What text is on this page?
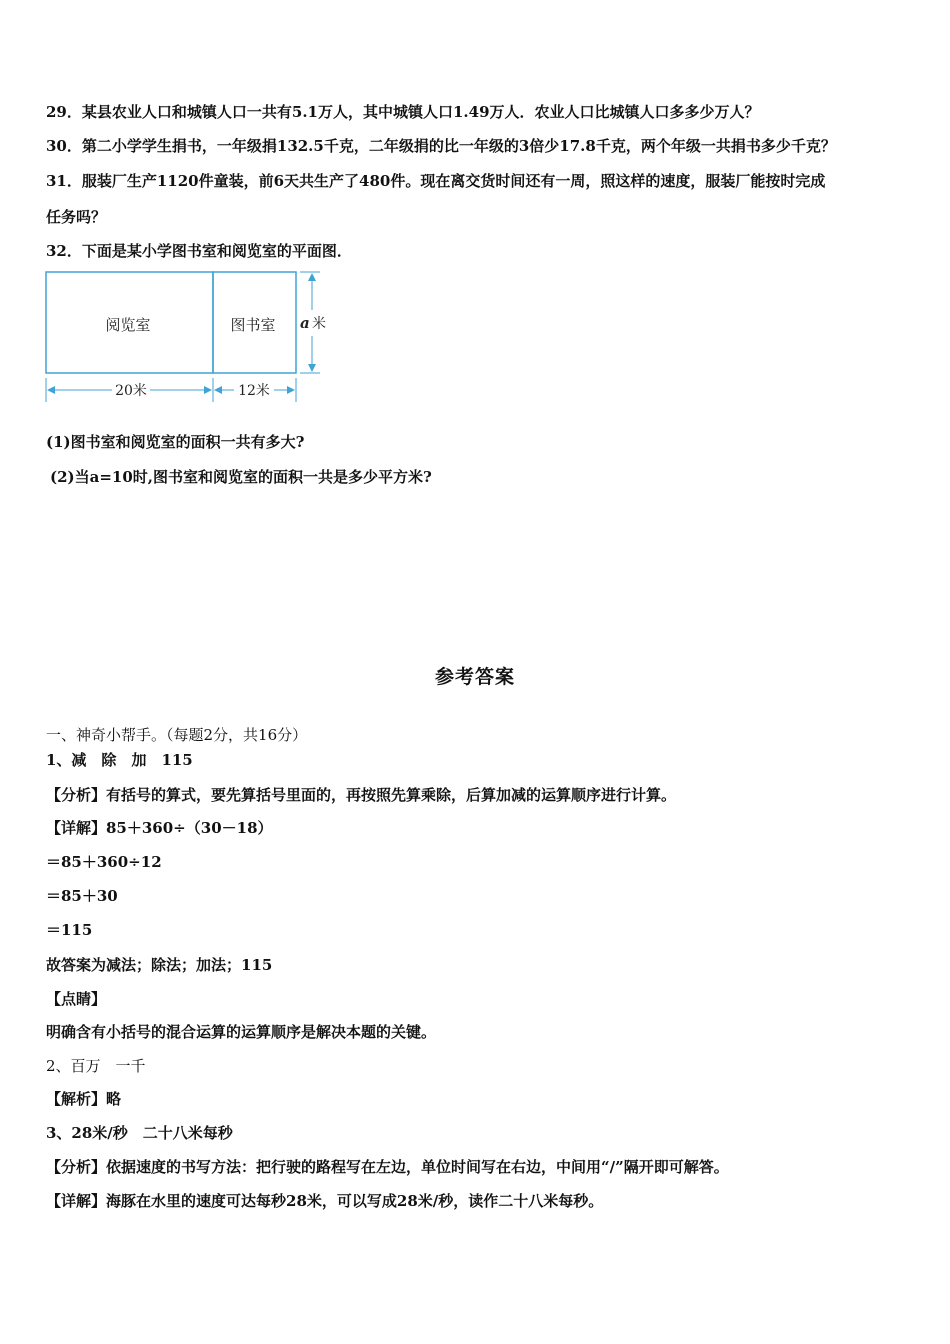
29．某县农业人口和城镇人口一共有5.1万人，其中城镇人口1.49万人．农业人口比城镇人口多多少万人？
30．第二小学学生捐书，一年级捐132.5千克，二年级捐的比一年级的3倍少17.8千克，两个年级一共捐书多少千克？
31．服装厂生产1120件童装，前6天共生产了480件。现在离交货时间还有一周，照这样的速度，服装厂能按时完成
任务吗？
32．下面是某小学图书室和阅览室的平面图．
阅览室	图书室 a 米
20米	12米
(1)图书室和阅览室的面积一共有多大?
(2)当a=10时,图书室和阅览室的面积一共是多少平方米?
参考答案
一、神奇小帮手。（每题2分，共16分）
1、减　除　加　115
【分析】有括号的算式，要先算括号里面的，再按照先算乘除，后算加减的运算顺序进行计算。
【详解】85＋360÷（30－18）
＝85＋360÷12
＝85＋30
＝115
故答案为减法；除法；加法；115
【点睛】
明确含有小括号的混合运算的运算顺序是解决本题的关键。
2、百万　一千
【解析】略
3、28米/秒　二十八米每秒
【分析】依据速度的书写方法：把行驶的路程写在左边，单位时间写在右边，中间用“/”隔开即可解答。
【详解】海豚在水里的速度可达每秒28米，可以写成28米/秒，读作二十八米每秒。
